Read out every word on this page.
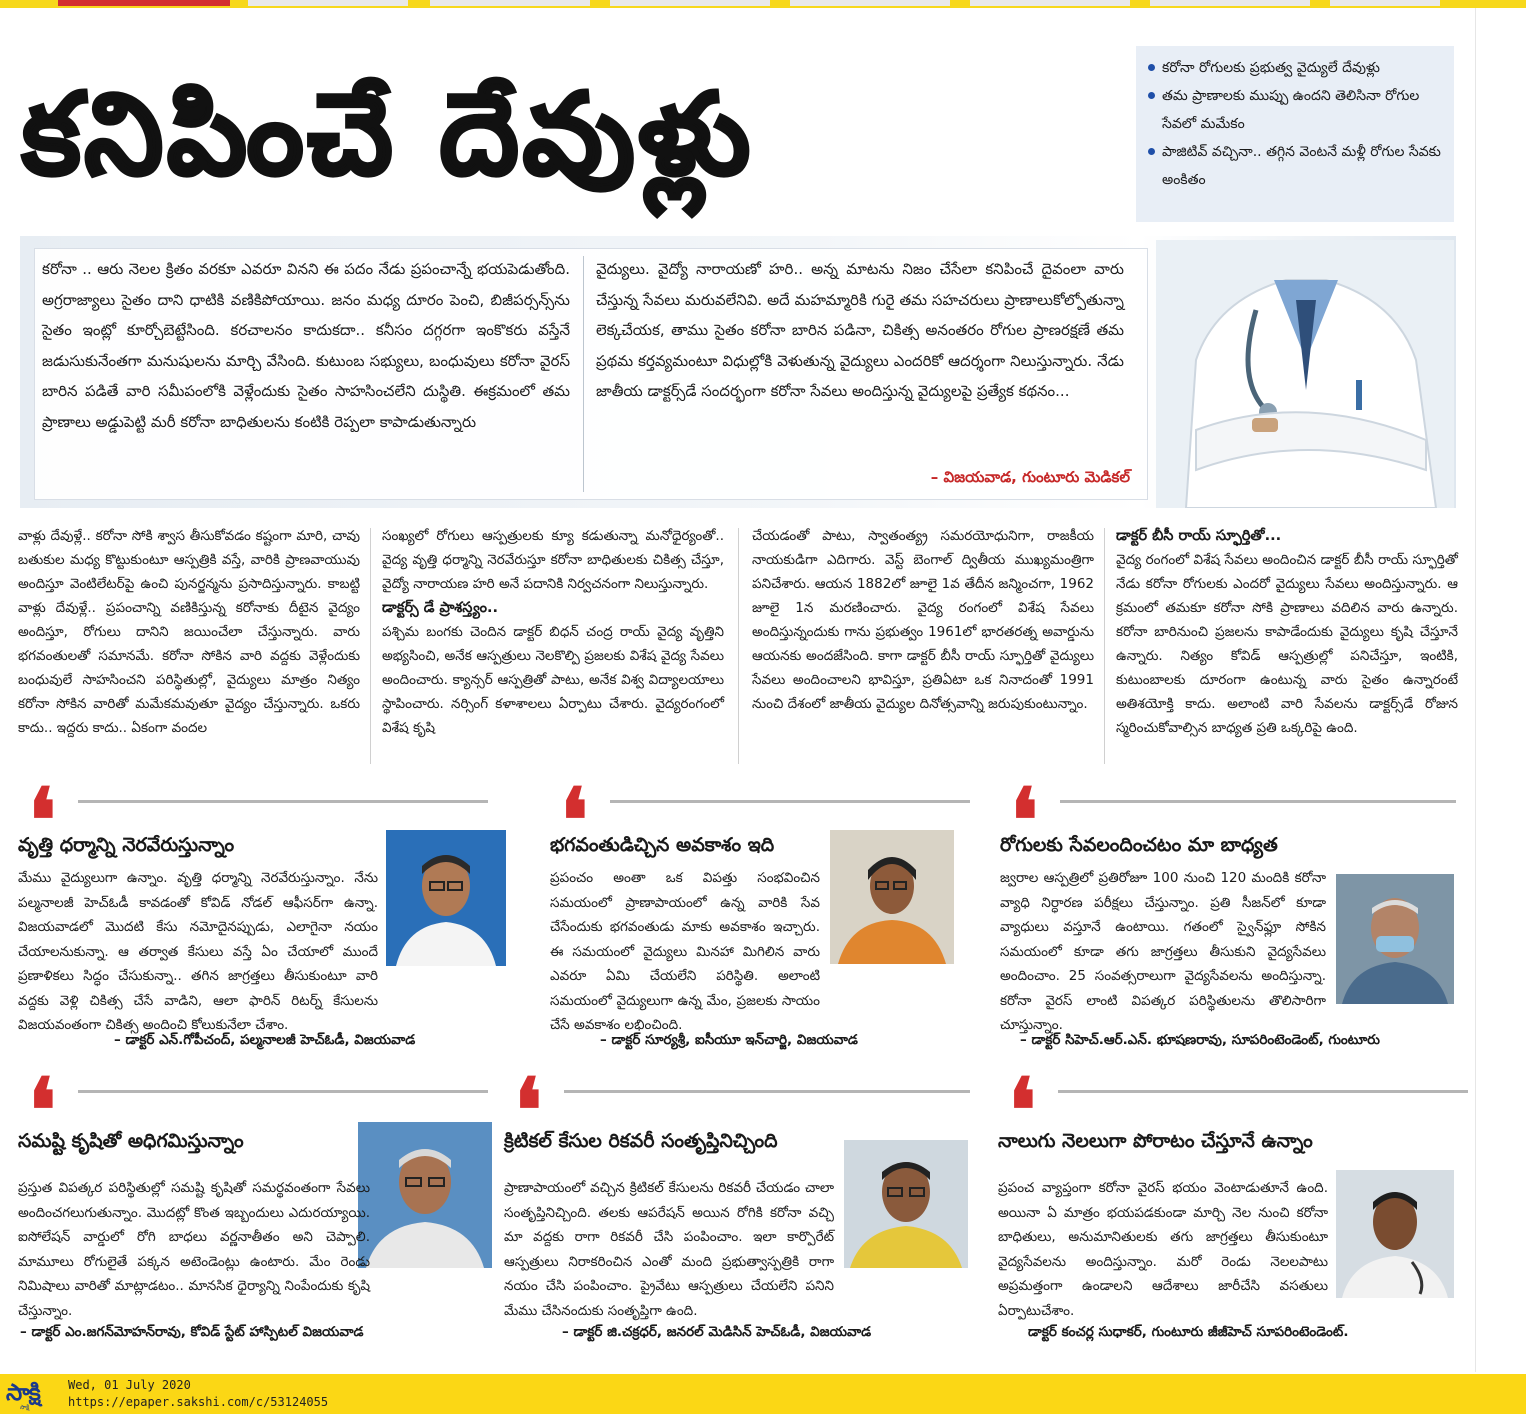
కనిపించే దేవుళ్లు
కరోనా రోగులకు ప్రభుత్వ వైద్యులే దేవుళ్లు
తమ ప్రాణాలకు ముప్పు ఉందని తెలిసినా రోగుల సేవలో మమేకం
పాజిటివ్ వచ్చినా.. తగ్గిన వెంటనే మళ్లీ రోగుల సేవకు అంకితం
కరోనా .. ఆరు నెలల క్రితం వరకూ ఎవరూ వినని ఈ పదం నేడు ప్రపంచాన్నే భయపెడుతోంది. అగ్రరాజ్యాలు సైతం దాని ధాటికి వణికిపోయాయి. జనం మధ్య దూరం పెంచి, బిజీపర్సన్స్‌ను సైతం ఇంట్లో కూర్చోబెట్టేసింది. కరచాలనం కాదుకదా.. కనీసం దగ్గరగా ఇంకొకరు వస్తేనే జడుసుకునేంతగా మనుషులను మార్చి వేసింది. కుటుంబ సభ్యులు, బంధువులు కరోనా వైరస్ బారిన పడితే వారి సమీపంలోకి వెళ్లేందుకు సైతం సాహసించలేని దుస్థితి. ఈక్రమంలో తమ ప్రాణాలు అడ్డుపెట్టి మరీ కరోనా బాధితులను కంటికి రెప్పలా కాపాడుతున్నారు
వైద్యులు. వైద్యో నారాయణో హరి.. అన్న మాటను నిజం చేసేలా కనిపించే దైవంలా వారు చేస్తున్న సేవలు మరువలేనివి. అదే మహమ్మారికి గురై తమ సహచరులు ప్రాణాలుకోల్పోతున్నా లెక్కచేయక, తాము సైతం కరోనా బారిన పడినా, చికిత్స అనంతరం రోగుల ప్రాణరక్షణే తమ ప్రథమ కర్తవ్యమంటూ విధుల్లోకి వెళుతున్న వైద్యులు ఎందరికో ఆదర్శంగా నిలుస్తున్నారు. నేడు జాతీయ డాక్టర్స్‌డే సందర్భంగా కరోనా సేవలు అందిస్తున్న వైద్యులపై ప్రత్యేక కథనం...
– విజయవాడ, గుంటూరు మెడికల్
వాళ్లు దేవుళ్లే.. కరోనా సోకి శ్వాస తీసుకోవడం కష్టంగా మారి, చావు బతుకుల మధ్య కొట్టుకుంటూ ఆస్పత్రికి వస్తే, వారికి ప్రాణవాయువు అందిస్తూ వెంటిలేటర్‌పై ఉంచి పునర్జన్మను ప్రసాదిస్తున్నారు. కాబట్టి వాళ్లు దేవుళ్లే.. ప్రపంచాన్ని వణికిస్తున్న కరోనాకు దీటైన వైద్యం అందిస్తూ, రోగులు దానిని జయించేలా చేస్తున్నారు. వారు భగవంతులతో సమానమే. కరోనా సోకిన వారి వద్దకు వెళ్లేందుకు బంధువులే సాహసించని పరిస్థితుల్లో, వైద్యులు మాత్రం నిత్యం కరోనా సోకిన వారితో మమేకమవుతూ వైద్యం చేస్తున్నారు. ఒకరు కాదు.. ఇద్దరు కాదు.. ఏకంగా వందల
సంఖ్యలో రోగులు ఆస్పత్రులకు క్యూ కడుతున్నా మనోధైర్యంతో.. వైద్య వృత్తి ధర్మాన్ని నెరవేరుస్తూ కరోనా బాధితులకు చికిత్స చేస్తూ, వైద్యో నారాయణ హరి అనే పదానికి నిర్వచనంగా నిలుస్తున్నారు.
డాక్టర్స్ డే ప్రాశస్త్యం..
పశ్చిమ బంగకు చెందిన డాక్టర్ బిధన్ చంద్ర రాయ్ వైద్య వృత్తిని అభ్యసించి, అనేక ఆస్పత్రులు నెలకొల్పి ప్రజలకు విశేష వైద్య సేవలు అందించారు. క్యాన్సర్ ఆస్పత్రితో పాటు, అనేక విశ్వ విద్యాలయాలు స్థాపించారు. నర్సింగ్ కళాశాలలు ఏర్పాటు చేశారు. వైద్యరంగంలో విశేష కృషి
చేయడంతో పాటు, స్వాతంత్య్ర సమరయోధునిగా, రాజకీయ నాయకుడిగా ఎదిగారు. వెస్ట్ బెంగాల్ ద్వితీయ ముఖ్యమంత్రిగా పనిచేశారు. ఆయన 1882లో జూలై 1వ తేదీన జన్మించగా, 1962 జూలై 1న మరణించారు. వైద్య రంగంలో విశేష సేవలు అందిస్తున్నందుకు గాను ప్రభుత్వం 1961లో భారతరత్న అవార్డును ఆయనకు అందజేసింది. కాగా డాక్టర్ బీసీ రాయ్ స్ఫూర్తితో వైద్యులు సేవలు అందించాలని భావిస్తూ, ప్రతిఏటా ఒక నినాదంతో 1991 నుంచి దేశంలో జాతీయ వైద్యుల దినోత్సవాన్ని జరుపుకుంటున్నాం.
డాక్టర్ బీసీ రాయ్ స్ఫూర్తితో...
వైద్య రంగంలో విశేష సేవలు అందించిన డాక్టర్ బీసీ రాయ్ స్ఫూర్తితో నేడు కరోనా రోగులకు ఎందరో వైద్యులు సేవలు అందిస్తున్నారు. ఆ క్రమంలో తమకూ కరోనా సోకి ప్రాణాలు వదిలిన వారు ఉన్నారు. కరోనా బారినుంచి ప్రజలను కాపాడేందుకు వైద్యులు కృషి చేస్తూనే ఉన్నారు. నిత్యం కోవిడ్ ఆస్పత్రుల్లో పనిచేస్తూ, ఇంటికి, కుటుంబాలకు దూరంగా ఉంటున్న వారు సైతం ఉన్నారంటే అతిశయోక్తి కాదు. అలాంటి వారి సేవలను డాక్టర్స్‌డే రోజున స్మరించుకోవాల్సిన బాధ్యత ప్రతి ఒక్కరిపై ఉంది.
❛
వృత్తి ధర్మాన్ని నెరవేరుస్తున్నాం
మేము వైద్యులుగా ఉన్నాం. వృత్తి ధర్మాన్ని నెరవేరుస్తున్నాం. నేను పల్మనాలజీ హెచ్‌ఓడీ కావడంతో కోవిడ్ నోడల్ ఆఫీసర్‌గా ఉన్నా. విజయవాడలో మొదటి కేసు నమోదైనప్పుడు, ఎలాగైనా నయం చేయాలనుకున్నా. ఆ తర్వాత కేసులు వస్తే ఏం చేయాలో ముందే ప్రణాళికలు సిద్ధం చేసుకున్నా.. తగిన జాగ్రత్తలు తీసుకుంటూ వారి వద్దకు వెళ్లి చికిత్స చేసే వాడిని, ఆలా ఫారిన్ రిటర్న్ కేసులను విజయవంతంగా చికిత్స అందించి కోలుకునేలా చేశాం.
– డాక్టర్ ఎన్.గోపీచంద్, పల్మనాలజీ హెచ్‌ఓడీ, విజయవాడ
❛
భగవంతుడిచ్చిన అవకాశం ఇది
ప్రపంచం అంతా ఒక విపత్తు సంభవించిన సమయంలో ప్రాణాపాయంలో ఉన్న వారికి సేవ చేసేందుకు భగవంతుడు మాకు అవకాశం ఇచ్చారు. ఈ సమయంలో వైద్యులు మినహా మిగిలిన వారు ఎవరూ ఏమి చేయలేని పరిస్థితి. అలాంటి సమయంలో వైద్యులుగా ఉన్న మేం, ప్రజలకు సాయం చేసే అవకాశం లభించింది.
– డాక్టర్ సూర్యశ్రీ, ఐసీయూ ఇన్‌చార్జి, విజయవాడ
❛
రోగులకు సేవలందించటం మా బాధ్యత
జ్వరాల ఆస్పత్రిలో ప్రతిరోజూ 100 నుంచి 120 మందికి కరోనా వ్యాధి నిర్ధారణ పరీక్షలు చేస్తున్నాం. ప్రతి సీజన్‌లో కూడా వ్యాధులు వస్తూనే ఉంటాయి. గతంలో స్వైన్‌ఫ్లూ సోకిన సమయంలో కూడా తగు జాగ్రత్తలు తీసుకుని వైద్యసేవలు అందించాం. 25 సంవత్సరాలుగా వైద్యసేవలను అందిస్తున్నా. కరోనా వైరస్ లాంటి విపత్కర పరిస్థితులను తొలిసారిగా చూస్తున్నాం.
– డాక్టర్ సిహెచ్.ఆర్.ఎన్. భూషణరావు, సూపరింటెండెంట్, గుంటూరు
❛
సమష్టి కృషితో అధిగమిస్తున్నాం
ప్రస్తుత విపత్కర పరిస్థితుల్లో సమష్టి కృషితో సమర్థవంతంగా సేవలు అందించగలుగుతున్నాం. మొదట్లో కొంత ఇబ్బందులు ఎదురయ్యాయి. ఐసోలేషన్ వార్డులో రోగి బాధలు వర్ణనాతీతం అని చెప్పాలి. మామూలు రోగులైతే పక్కన అటెండెంట్లు ఉంటారు. మేం రెండు నిమిషాలు వారితో మాట్లాడటం.. మానసిక ధైర్యాన్ని నింపేందుకు కృషి చేస్తున్నాం.
– డాక్టర్ ఎం.జగన్‌మోహన్‌రావు, కోవిడ్ స్టేట్ హాస్పిటల్ విజయవాడ
❛
క్రిటికల్ కేసుల రికవరీ సంతృప్తినిచ్చింది
ప్రాణాపాయంలో వచ్చిన క్రిటికల్ కేసులను రికవరీ చేయడం చాలా సంతృప్తినిచ్చింది. తలకు ఆపరేషన్ అయిన రోగికి కరోనా వచ్చి మా వద్దకు రాగా రికవరీ చేసి పంపించాం. ఇలా కార్పొరేట్ ఆస్పత్రులు నిరాకరించిన ఎంతో మంది ప్రభుత్వాస్పత్రికి రాగా నయం చేసి పంపించాం. ప్రైవేటు ఆస్పత్రులు చేయలేని పనిని మేము చేసినందుకు సంతృప్తిగా ఉంది.
– డాక్టర్ జి.చక్రధర్, జనరల్ మెడిసిన్ హెచ్‌ఓడీ, విజయవాడ
❛
నాలుగు నెలలుగా పోరాటం చేస్తూనే ఉన్నాం
ప్రపంచ వ్యాప్తంగా కరోనా వైరస్ భయం వెంటాడుతూనే ఉంది. అయినా ఏ మాత్రం భయపడకుండా మార్చి నెల నుంచి కరోనా బాధితులు, అనుమానితులకు తగు జాగ్రత్తలు తీసుకుంటూ వైద్యసేవలను అందిస్తున్నాం. మరో రెండు నెలలపాటు అప్రమత్తంగా ఉండాలని ఆదేశాలు జారీచేసి వసతులు ఏర్పాటుచేశాం.
డాక్టర్ కంచర్ల సుధాకర్, గుంటూరు జీజీహెచ్ సూపరింటెండెంట్.
సాక్షి
సాక్షి
Wed, 01 July 2020
https://epaper.sakshi.com/c/53124055
